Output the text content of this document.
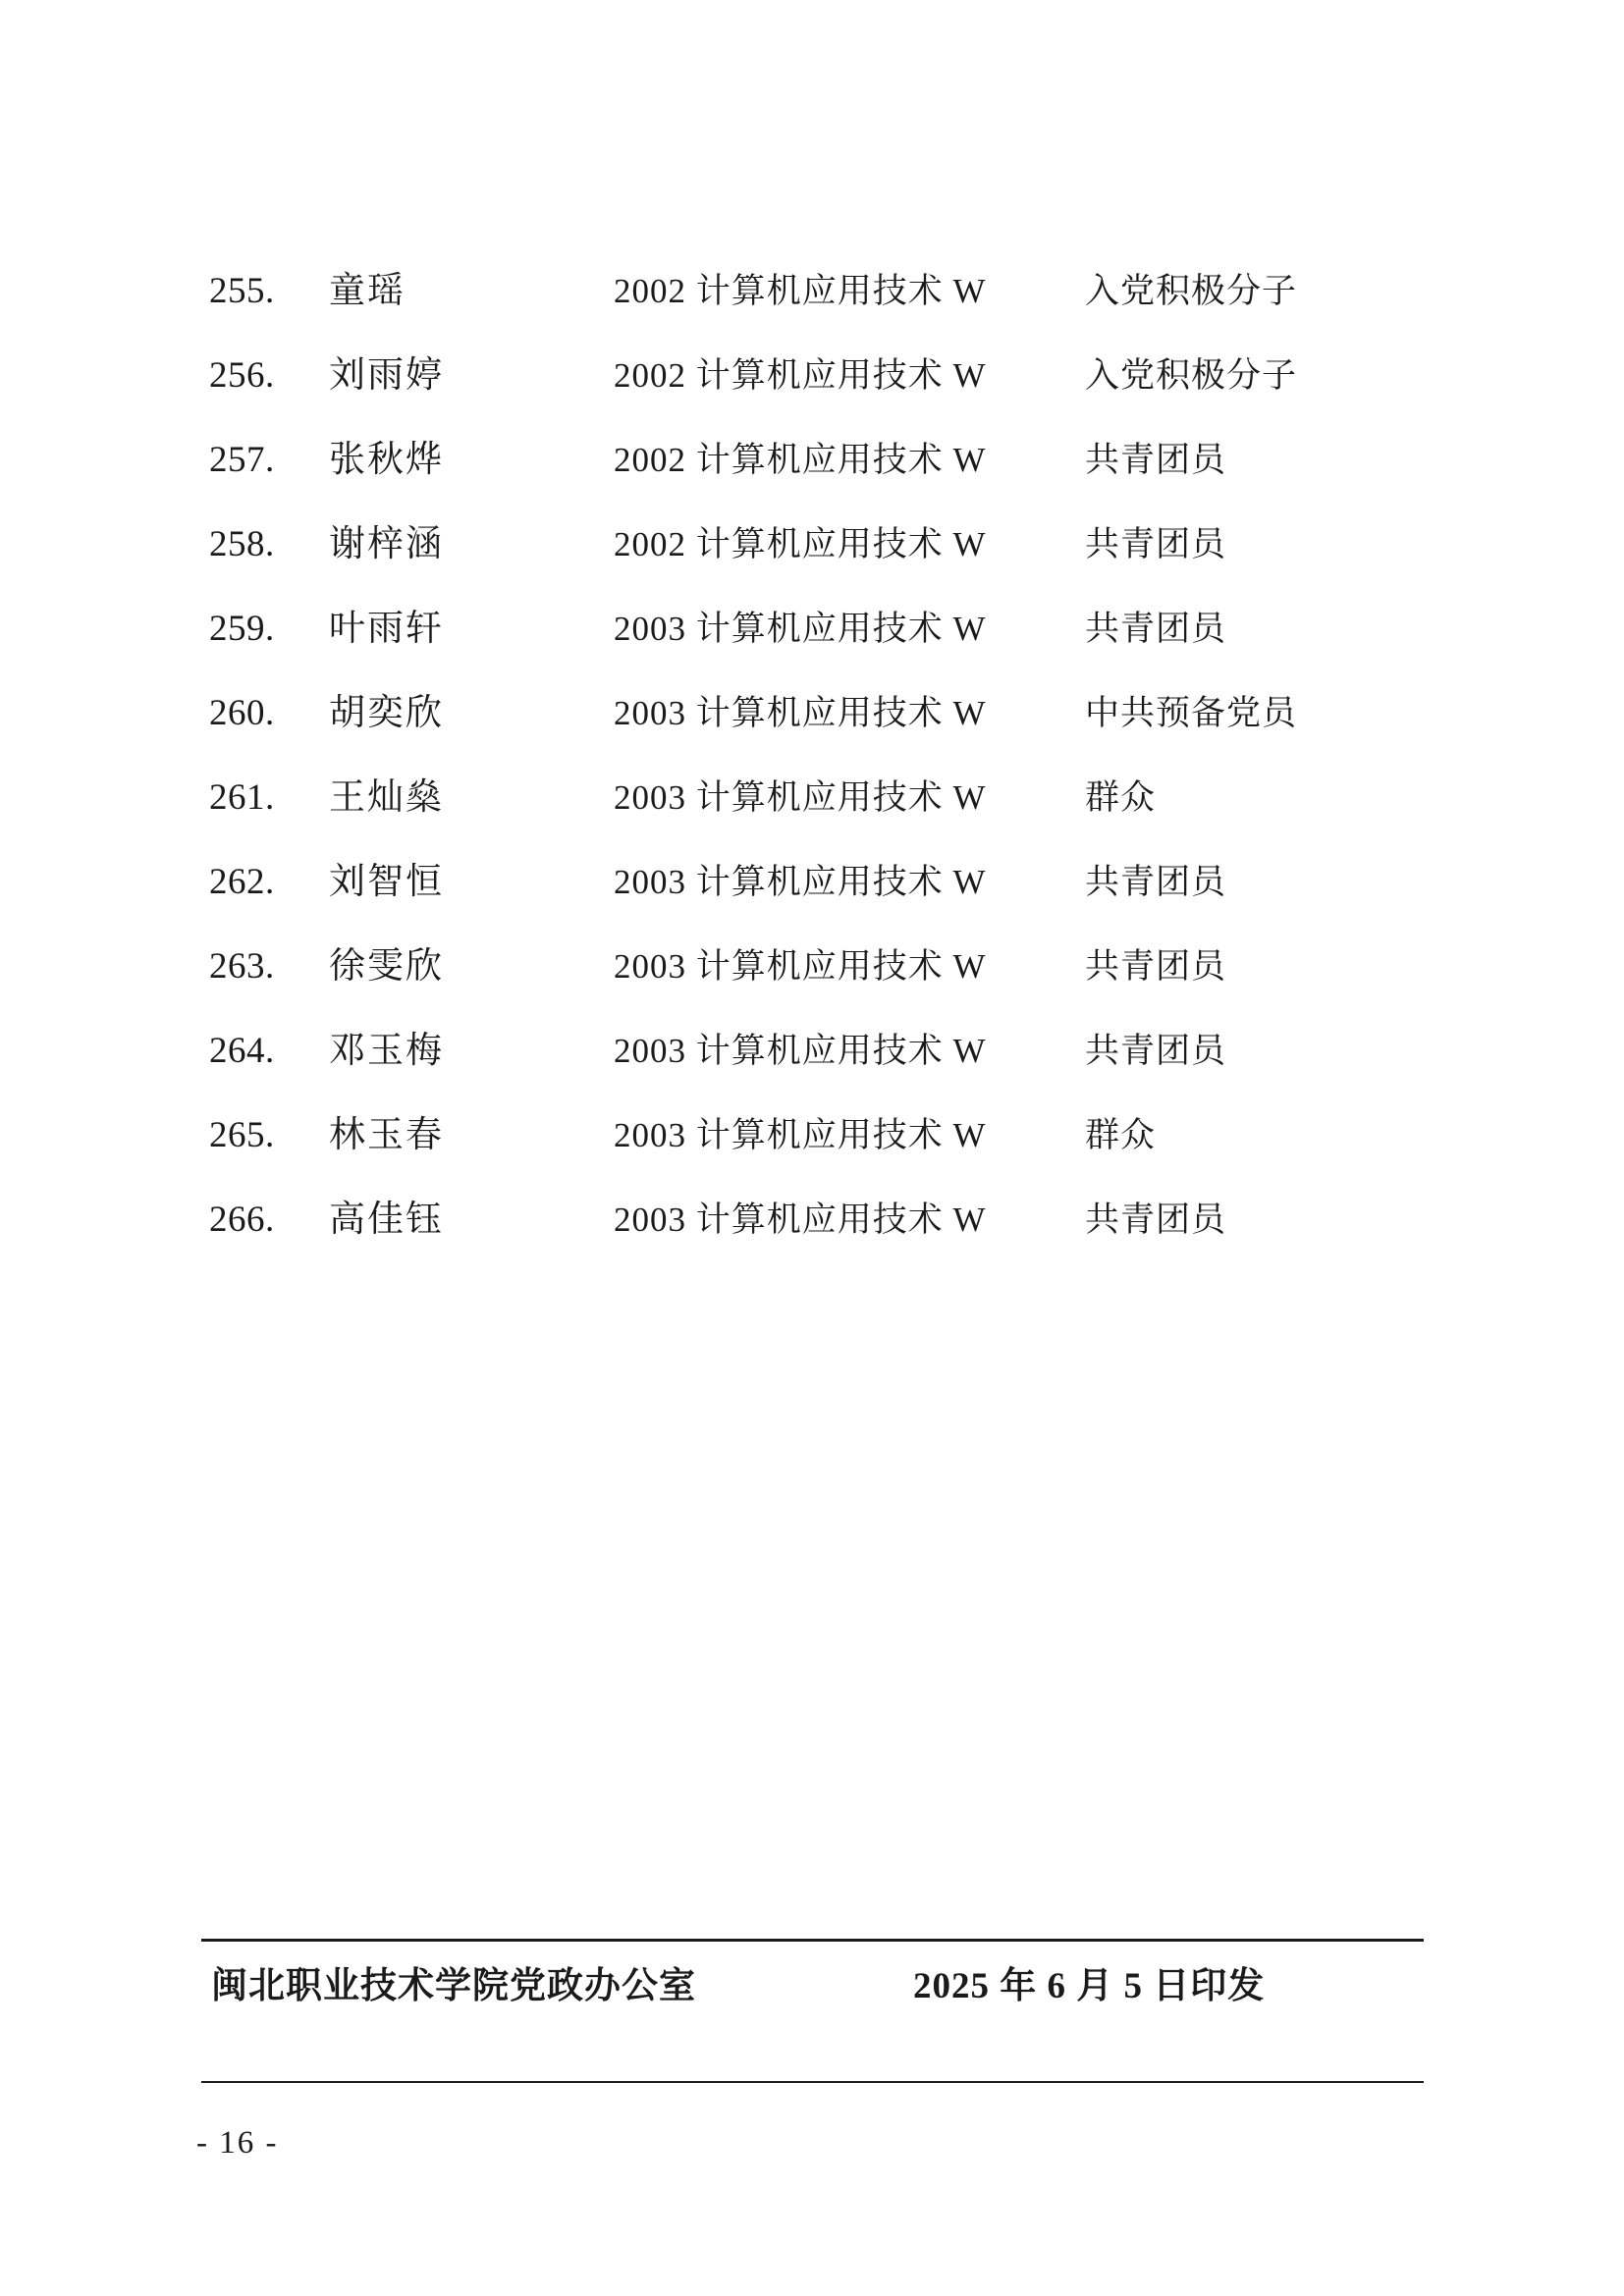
255.	童瑶	2002 计算机应用技术 W	入党积极分子
256.	刘雨婷	2002 计算机应用技术 W	入党积极分子
257.	张秋烨	2002 计算机应用技术 W	共青团员
258.	谢梓涵	2002 计算机应用技术 W	共青团员
259.	叶雨轩	2003 计算机应用技术 W	共青团员
260.	胡奕欣	2003 计算机应用技术 W	中共预备党员
261.	王灿燊	2003 计算机应用技术 W	群众
262.	刘智恒	2003 计算机应用技术 W	共青团员
263.	徐雯欣	2003 计算机应用技术 W	共青团员
264.	邓玉梅	2003 计算机应用技术 W	共青团员
265.	林玉春	2003 计算机应用技术 W	群众
266.	高佳钰	2003 计算机应用技术 W	共青团员
闽北职业技术学院党政办公室	2025 年 6 月 5 日印发
- 16 -
